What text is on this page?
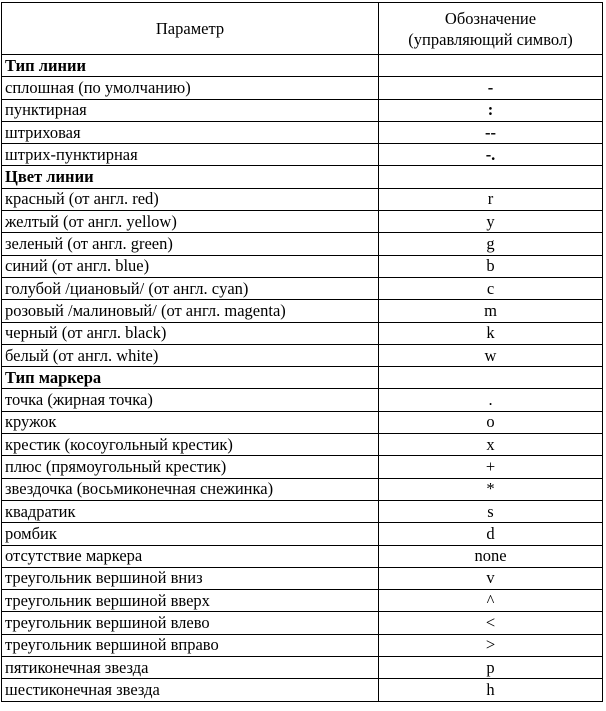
Параметр	Обозначение
(управляющий символ)
Тип линии	
сплошная (по умолчанию)	-
пунктирная	:
штриховая	--
штрих-пунктирная	-.
Цвет линии	
красный (от англ. red)	r
желтый (от англ. yellow)	y
зеленый (от англ. green)	g
синий (от англ. blue)	b
голубой /циановый/ (от англ. cyan)	c
розовый /малиновый/ (от англ. magenta)	m
черный (от англ. black)	k
белый (от англ. white)	w
Тип маркера	
точка (жирная точка)	.
кружок	o
крестик (косоугольный крестик)	x
плюс (прямоугольный крестик)	+
звездочка (восьмиконечная снежинка)	*
квадратик	s
ромбик	d
отсутствие маркера	none
треугольник вершиной вниз	v
треугольник вершиной вверх	^
треугольник вершиной влево	<
треугольник вершиной вправо	>
пятиконечная звезда	p
шестиконечная звезда	h
